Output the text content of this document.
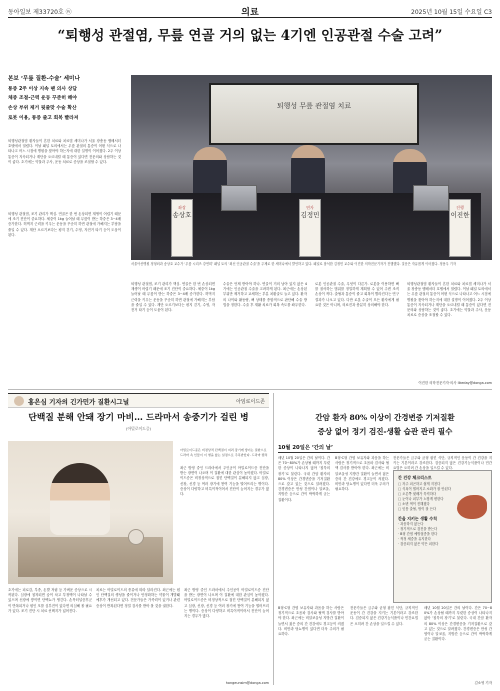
동아일보 제33720호 ⓦ	의료	2025년 10월 15일 수요일 C3
“퇴행성 관절염, 무릎 연골 거의 없는 4기엔 인공관절 수술 고려”
본보 ‘무릎 질환-수술’ 세미나
통증 2주 이상 지속 땐 의사 상담
체중 조절-근력 운동 꾸준히 해야
손상 부위 제거 뒷줄맞 수술 확산
로봇 이용, 통증 줄고 회복 빨라져
퇴행성관절염 환자들이 흔한 치료와 치료법 세미나가 서울 장충동 앰배서더 호텔에서 열렸다. 이날 패널 토의에서는 무릎 관절의 통증이 어떤 식으로 나타나고 어느 시점에 병원을 찾아야 하는지에 대한 설명이 이어졌다. 2주 이상 통증이 지속되거나 계단을 오르내릴 때 통증이 있다면 전문의와 상담하는 것이 좋다. 초기에는 약물과 주사, 운동 치료로 증상을 조절할 수 있다.
퇴행성 관절염, 조기 관리가 핵심. 연골은 한 번 손상되면 재생이 어렵기 때문에 조기 진단이 중요하다. 체중이 1kg 늘어날 때 무릎이 받는 하중은 3~4배 증가한다. 허벅지 근력을 키우는 운동을 꾸준히 하면 관절에 가해지는 부담을 줄일 수 있다. 계단 오르기보다는 평지 걷기, 수영, 자전거 타기 등이 도움이 된다.
퇴행성 무릎 관절염 치료
좌장
송상호
연자
김정민
진행
이진한
서울아산병원 정형외과 송상호 교수가 ‘무릎 시리즈 강연회’ 패널 토의 ‘최신 인공관절 수술’을 주제로 한 세미나에서 발언하고 있다. 패널로 참석한 김정민 교수와 이진한 의학전문기자가 진행했다. 질문은 자유롭게 이어졌다. 정용우 기자
퇴행성 관절염, 조기 관리가 핵심. 연골은 한 번 손상되면 재생이 어렵기 때문에 조기 진단이 중요하다. 체중이 1kg 늘어날 때 무릎이 받는 하중은 3~4배 증가한다. 허벅지 근력을 키우는 운동을 꾸준히 하면 관절에 가해지는 부담을 줄일 수 있다. 계단 오르기보다는 평지 걷기, 수영, 자전거 타기 등이 도움이 된다.
수술은 언제 받아야 하나. 연골이 거의 남아 있지 않은 4기에는 인공관절 수술을 고려하게 된다. 최근에는 손상된 부위만 제거하고 교체하는 부분 치환술도 늘고 있다. 환자의 나이와 활동량, 뼈 상태를 종합적으로 판단해 수술 방법을 정한다. 수술 후 재활 치료가 회복 속도를 좌우한다.
로봇 인공관절 수술, 무엇이 다른가. 로봇을 이용하면 뼈를 절삭하는 범위를 정밀하게 계획할 수 있어 주변 조직 손상이 적다. 출혈과 통증이 줄고 회복이 빨라진다는 연구 결과가 나오고 있다. 다만 로봇 수술이 모든 환자에게 필요한 것은 아니며, 의료진과 충분히 상의해야 한다.
퇴행성관절염 환자들이 흔한 치료와 치료법 세미나가 서울 장충동 앰배서더 호텔에서 열렸다. 이날 패널 토의에서는 무릎 관절의 통증이 어떤 식으로 나타나고 어느 시점에 병원을 찾아야 하는지에 대한 설명이 이어졌다. 2주 이상 통증이 지속되거나 계단을 오르내릴 때 통증이 있다면 전문의와 상담하는 것이 좋다. 초기에는 약물과 주사, 운동 치료로 증상을 조절할 수 있다.
이진한 의학전문기자·의사 likeday@donga.com
홍은심 기자의 긴가민가 질환시그널	아임로이드존
단백질 분해 안돼 장기 마비… 드라마서 송중기가 걸린 병
(아밀로이드증)
아밀로이드증은 비정상적 단백질이 여러 장기에 쌓이는 질환으로 드라마 속 인물이 이 병을 앓는 설정으로 주목받았다. 드라마 캡처
최근 방영 중인 드라마에서 주인공이 아밀로이드증 진단을 받는 장면이 나오며 이 질환에 대한 관심이 높아졌다. 아밀로이드증은 비정상적으로 접힌 단백질이 분해되지 않고 심장, 신장, 신경 등 여러 장기에 쌓여 기능을 떨어뜨리는 병이다. 증상이 다양하고 비특이적이어서 진단이 늦어지는 경우가 많다.
초기에는 피로감, 부종, 손발 저림 등 가벼운 증상으로 시작된다. 심장에 침착되면 숨이 차고 부정맥이 나타날 수 있으며 신장에 쌓이면 단백뇨가 생긴다. 손목터널증후군이 반복되거나 원인 모를 심부전이 있다면 의심해 볼 필요가 있다. 조기 진단 시 치료 선택지가 넓어진다.
치료는 아밀로이드의 종류에 따라 달라진다. 최근에는 원인 단백질의 생성을 줄이거나 안정화하는 약물이 개발돼 예후가 개선되고 있다. 전문가들은 가족력이 있거나 관련 증상이 반복된다면 정밀 검사를 받아 볼 것을 권한다.
최근 방영 중인 드라마에서 주인공이 아밀로이드증 진단을 받는 장면이 나오며 이 질환에 대한 관심이 높아졌다. 아밀로이드증은 비정상적으로 접힌 단백질이 분해되지 않고 심장, 신장, 신경 등 여러 장기에 쌓여 기능을 떨어뜨리는 병이다. 증상이 다양하고 비특이적이어서 진단이 늦어지는 경우가 많다.
hongeunsim@donga.com
간암 환자 80% 이상이 간경변증 기저질환
증상 없어 정기 검진-생활 습관 관리 필수
10월 20일은 ‘간의 날’
매년 10월 20일은 간의 날이다. 간은 70~80%가 손상될 때까지 뚜렷한 증상이 나타나지 않아 ‘침묵의 장기’로 불린다. 국내 간암 환자의 80% 이상은 간경변증을 기저질환으로 갖고 있는 것으로 알려졌다. 간경변증은 만성 간염이나 알코올, 지방간 등으로 간이 딱딱하게 굳는 질환이다.
B형·C형 간염 보유자와 과음을 하는 사람은 정기적으로 초음파 검사와 혈액 검사를 받아야 한다. 최근에는 비알코올성 지방간 질환이 늘면서 젊은 층의 간 건강에도 경고등이 켜졌다. 비만과 당뇨병이 있다면 더욱 주의가 필요하다.
전문가들은 금주와 균형 잡힌 식단, 규칙적인 운동이 간 건강을 지키는 기본이라고 강조한다. 검증되지 않은 건강기능식품이나 민간요법은 오히려 간 손상을 일으킬 수 있다.
간 건강 체크리스트
□ 자주 피곤하고 쉽게 지친다
□ 식욕이 떨어지고 소화가 잘 안된다
□ 오른쪽 윗배가 묵직하다
□ 눈이나 피부가 노랗게 변한다
□ 소변 색이 진해졌다
□ 잇몸 출혈, 멍이 잘 든다
간을 지키는 생활 수칙
· 과음하지 않는다
· 정기적으로 검진을 받는다
· B형 간염 예방접종을 한다
· 적정 체중을 유지한다
· 검증되지 않은 약은 피한다
B형·C형 간염 보유자와 과음을 하는 사람은 정기적으로 초음파 검사와 혈액 검사를 받아야 한다. 최근에는 비알코올성 지방간 질환이 늘면서 젊은 층의 간 건강에도 경고등이 켜졌다. 비만과 당뇨병이 있다면 더욱 주의가 필요하다.
전문가들은 금주와 균형 잡힌 식단, 규칙적인 운동이 간 건강을 지키는 기본이라고 강조한다. 검증되지 않은 건강기능식품이나 민간요법은 오히려 간 손상을 일으킬 수 있다.
매년 10월 20일은 간의 날이다. 간은 70~80%가 손상될 때까지 뚜렷한 증상이 나타나지 않아 ‘침묵의 장기’로 불린다. 국내 간암 환자의 80% 이상은 간경변증을 기저질환으로 갖고 있는 것으로 알려졌다. 간경변증은 만성 간염이나 알코올, 지방간 등으로 간이 딱딱하게 굳는 질환이다.
김소영 기자
